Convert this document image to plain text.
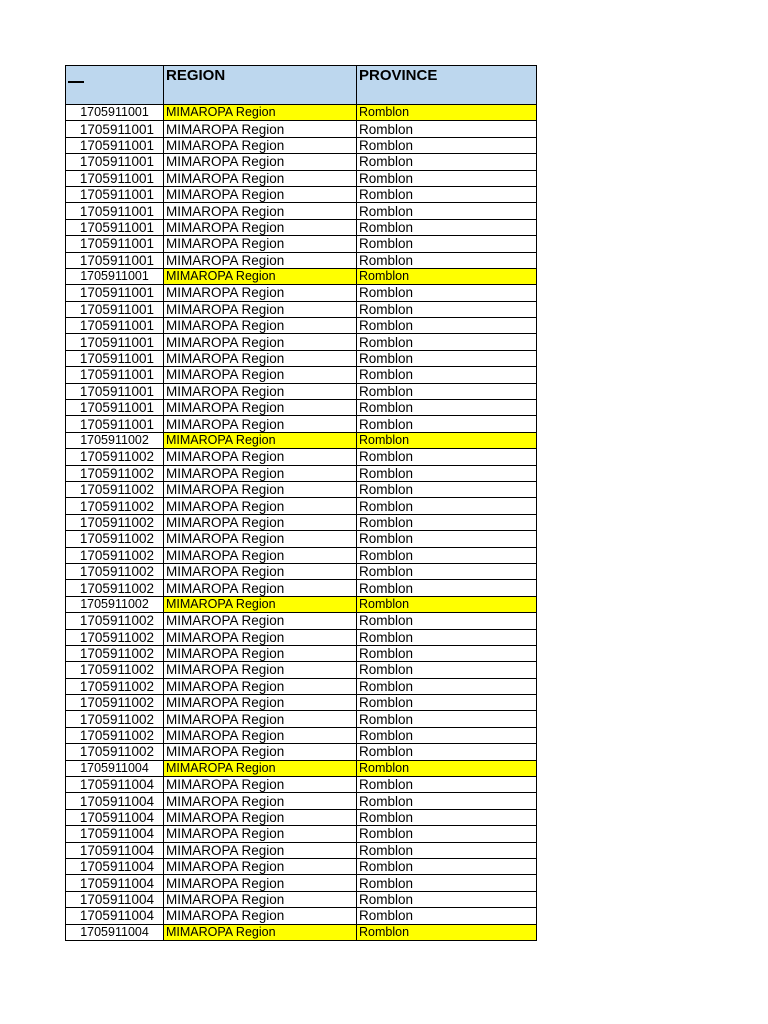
	REGION	PROVINCE

1705911001	MIMAROPA Region	Romblon
1705911001	MIMAROPA Region	Romblon
1705911001	MIMAROPA Region	Romblon
1705911001	MIMAROPA Region	Romblon
1705911001	MIMAROPA Region	Romblon
1705911001	MIMAROPA Region	Romblon
1705911001	MIMAROPA Region	Romblon
1705911001	MIMAROPA Region	Romblon
1705911001	MIMAROPA Region	Romblon
1705911001	MIMAROPA Region	Romblon
1705911001	MIMAROPA Region	Romblon
1705911001	MIMAROPA Region	Romblon
1705911001	MIMAROPA Region	Romblon
1705911001	MIMAROPA Region	Romblon
1705911001	MIMAROPA Region	Romblon
1705911001	MIMAROPA Region	Romblon
1705911001	MIMAROPA Region	Romblon
1705911001	MIMAROPA Region	Romblon
1705911001	MIMAROPA Region	Romblon
1705911001	MIMAROPA Region	Romblon
1705911002	MIMAROPA Region	Romblon
1705911002	MIMAROPA Region	Romblon
1705911002	MIMAROPA Region	Romblon
1705911002	MIMAROPA Region	Romblon
1705911002	MIMAROPA Region	Romblon
1705911002	MIMAROPA Region	Romblon
1705911002	MIMAROPA Region	Romblon
1705911002	MIMAROPA Region	Romblon
1705911002	MIMAROPA Region	Romblon
1705911002	MIMAROPA Region	Romblon
1705911002	MIMAROPA Region	Romblon
1705911002	MIMAROPA Region	Romblon
1705911002	MIMAROPA Region	Romblon
1705911002	MIMAROPA Region	Romblon
1705911002	MIMAROPA Region	Romblon
1705911002	MIMAROPA Region	Romblon
1705911002	MIMAROPA Region	Romblon
1705911002	MIMAROPA Region	Romblon
1705911002	MIMAROPA Region	Romblon
1705911002	MIMAROPA Region	Romblon
1705911004	MIMAROPA Region	Romblon
1705911004	MIMAROPA Region	Romblon
1705911004	MIMAROPA Region	Romblon
1705911004	MIMAROPA Region	Romblon
1705911004	MIMAROPA Region	Romblon
1705911004	MIMAROPA Region	Romblon
1705911004	MIMAROPA Region	Romblon
1705911004	MIMAROPA Region	Romblon
1705911004	MIMAROPA Region	Romblon
1705911004	MIMAROPA Region	Romblon
1705911004	MIMAROPA Region	Romblon
